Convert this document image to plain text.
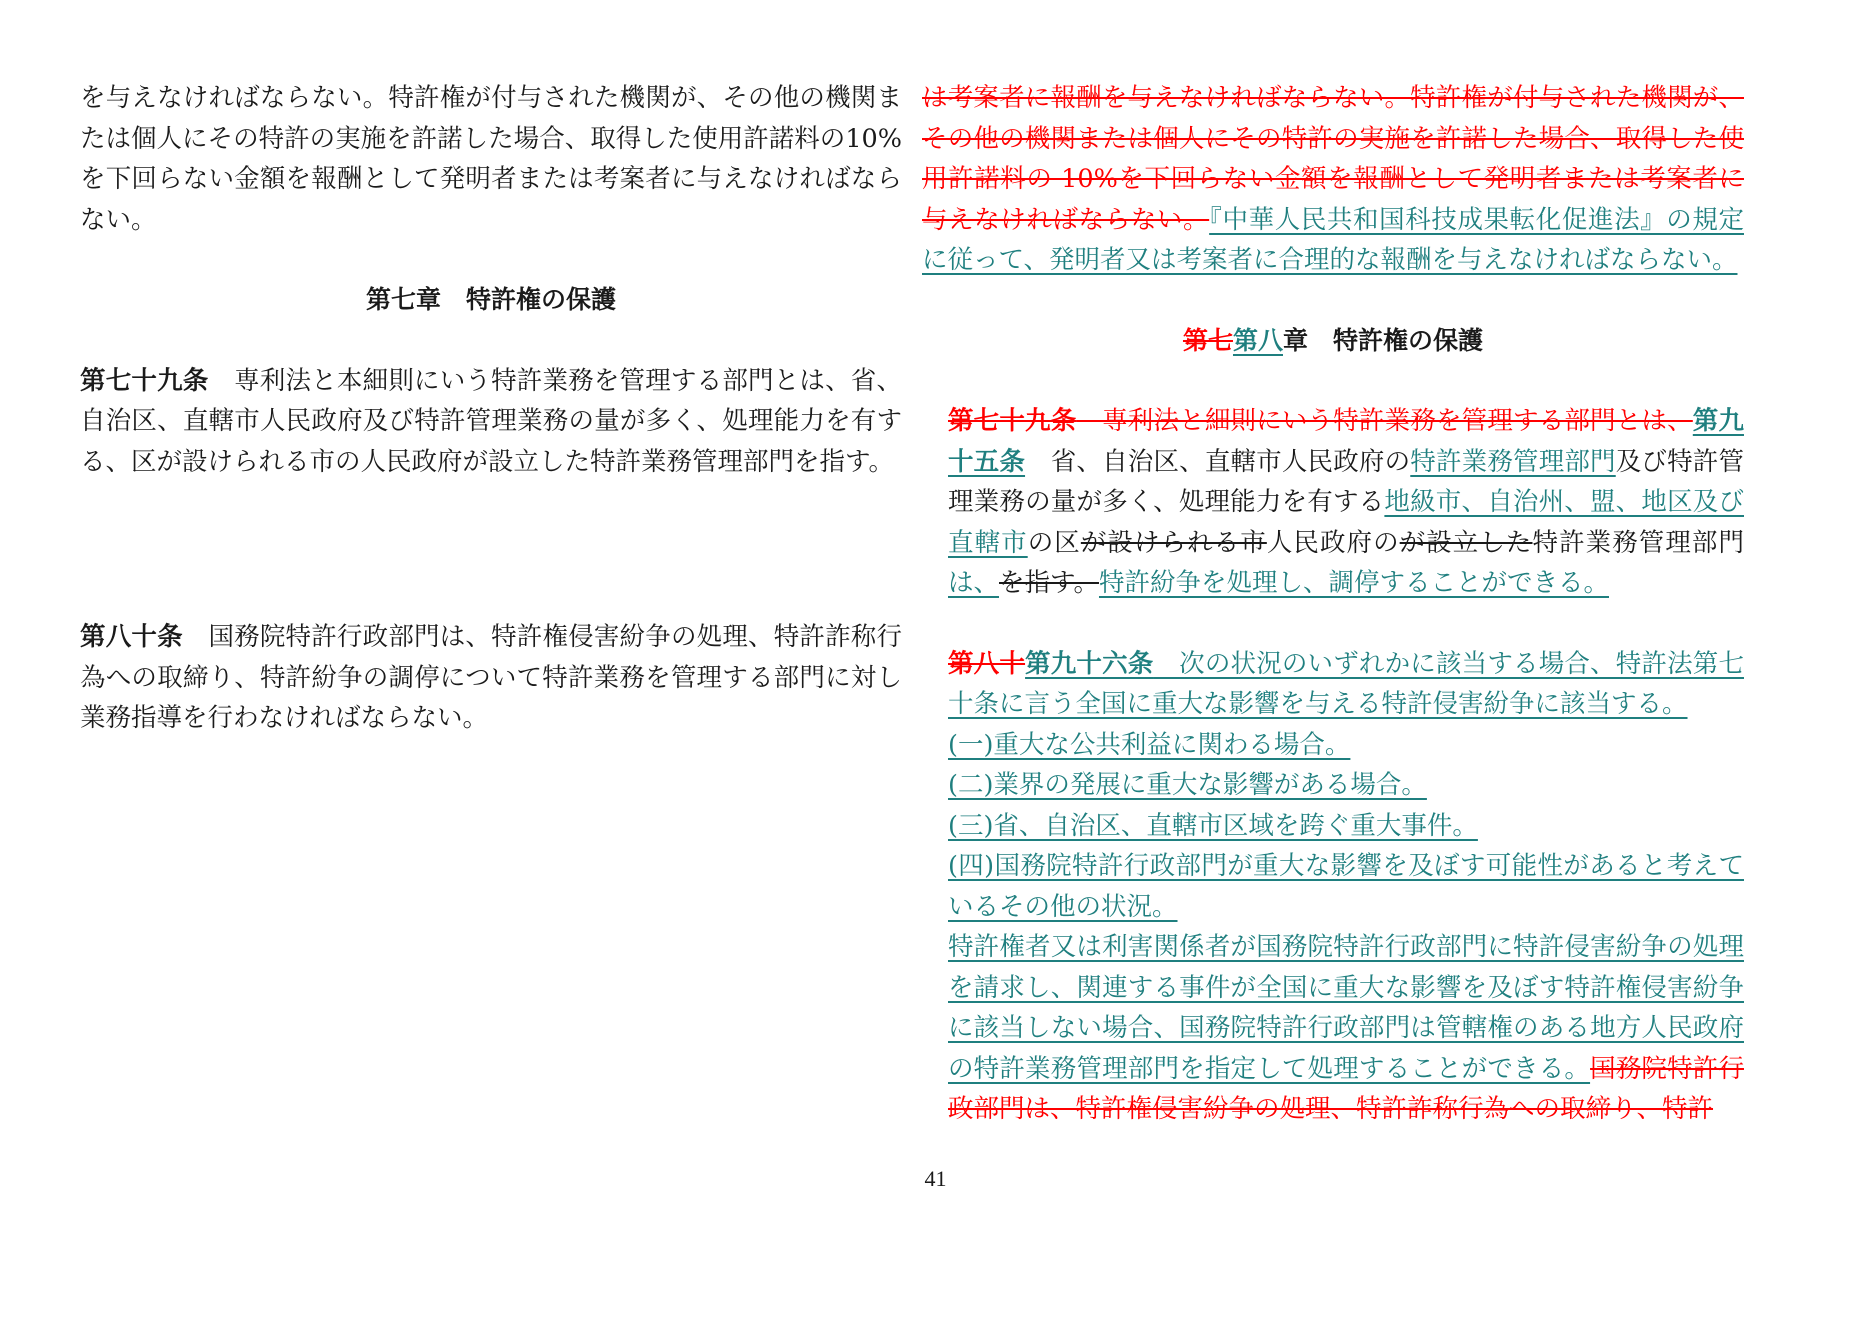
を与えなければならない。特許権が付与された機関が、その他の機関または個人にその特許の実施を許諾した場合、取得した使用許諾料の10%を下回らない金額を報酬として発明者または考案者に与えなければならない。

第七章　特許権の保護

第七十九条　専利法と本細則にいう特許業務を管理する部門とは、省、自治区、直轄市人民政府及び特許管理業務の量が多く、処理能力を有する、区が設けられる市の人民政府が設立した特許業務管理部門を指す。

第八十条　国務院特許行政部門は、特許権侵害紛争の処理、特許詐称行為への取締り、特許紛争の調停について特許業務を管理する部門に対し業務指導を行わなければならない。

は考案者に報酬を与えなければならない。特許権が付与された機関が、その他の機関または個人にその特許の実施を許諾した場合、取得した使用許諾料の 10%を下回らない金額を報酬として発明者または考案者に与えなければならない。『中華人民共和国科技成果転化促進法』の規定に従って、発明者又は考案者に合理的な報酬を与えなければならない。

第七第八章　特許権の保護

第七十九条　専利法と細則にいう特許業務を管理する部門とは、第九十五条　省、自治区、直轄市人民政府の特許業務管理部門及び特許管理業務の量が多く、処理能力を有する地級市、自治州、盟、地区及び直轄市の区が設けられる市人民政府のが設立した特許業務管理部門は、を指す。特許紛争を処理し、調停することができる。

第八十第九十六条　次の状況のいずれかに該当する場合、特許法第七十条に言う全国に重大な影響を与える特許侵害紛争に該当する。

(一)重大な公共利益に関わる場合。

(二)業界の発展に重大な影響がある場合。

(三)省、自治区、直轄市区域を跨ぐ重大事件。

(四)国務院特許行政部門が重大な影響を及ぼす可能性があると考えているその他の状況。

特許権者又は利害関係者が国務院特許行政部門に特許侵害紛争の処理を請求し、関連する事件が全国に重大な影響を及ぼす特許権侵害紛争に該当しない場合、国務院特許行政部門は管轄権のある地方人民政府の特許業務管理部門を指定して処理することができる。国務院特許行政部門は、特許権侵害紛争の処理、特許詐称行為への取締り、特許

41
